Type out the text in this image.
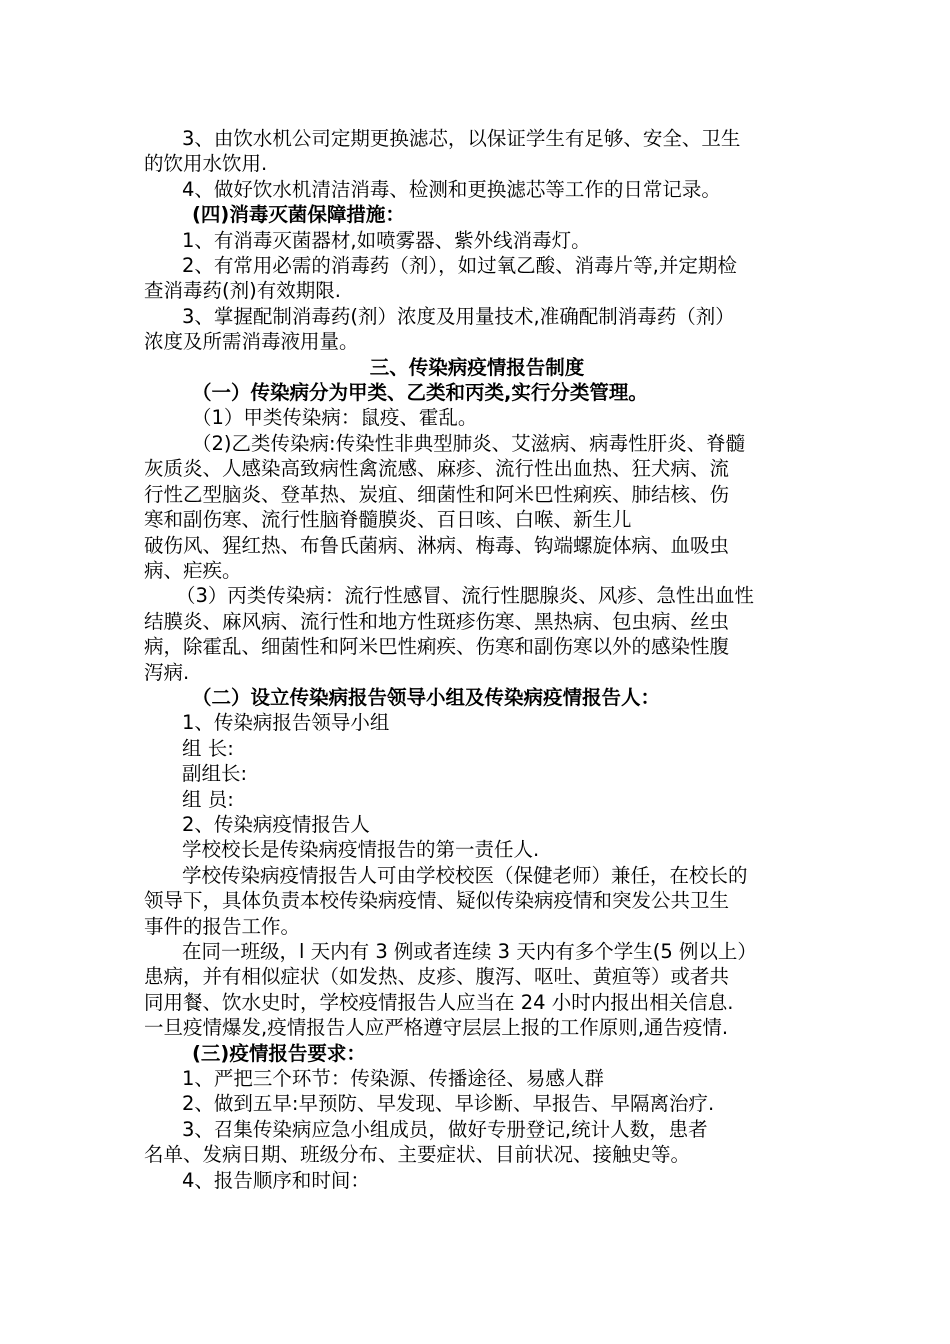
3、由饮水机公司定期更换滤芯，以保证学生有足够、安全、卫生

的饮用水饮用.

4、做好饮水机清洁消毒、检测和更换滤芯等工作的日常记录。

(四)消毒灭菌保障措施：

1、有消毒灭菌器材,如喷雾器、紫外线消毒灯。

2、有常用必需的消毒药（剂），如过氧乙酸、消毒片等,并定期检

查消毒药(剂)有效期限.

3、掌握配制消毒药(剂）浓度及用量技术,准确配制消毒药（剂）

浓度及所需消毒液用量。

三、传染病疫情报告制度

（一）传染病分为甲类、乙类和丙类,实行分类管理。

（1）甲类传染病：鼠疫、霍乱。

（2)乙类传染病:传染性非典型肺炎、艾滋病、病毒性肝炎、脊髓

灰质炎、人感染高致病性禽流感、麻疹、流行性出血热、狂犬病、流

行性乙型脑炎、登革热、炭疽、细菌性和阿米巴性痢疾、肺结核、伤

寒和副伤寒、流行性脑脊髓膜炎、百日咳、白喉、新生儿

破伤风、猩红热、布鲁氏菌病、淋病、梅毒、钩端螺旋体病、血吸虫

病、疟疾。

（3）丙类传染病：流行性感冒、流行性腮腺炎、风疹、急性出血性

结膜炎、麻风病、流行性和地方性斑疹伤寒、黑热病、包虫病、丝虫

病，除霍乱、细菌性和阿米巴性痢疾、伤寒和副伤寒以外的感染性腹

泻病.

（二）设立传染病报告领导小组及传染病疫情报告人：

1、传染病报告领导小组

组 长:

副组长:

组 员:

2、传染病疫情报告人

学校校长是传染病疫情报告的第一责任人.

学校传染病疫情报告人可由学校校医（保健老师）兼任，在校长的

领导下，具体负责本校传染病疫情、疑似传染病疫情和突发公共卫生

事件的报告工作。

在同一班级，l 天内有 3 例或者连续 3 天内有多个学生(5 例以上）

患病，并有相似症状（如发热、皮疹、腹泻、呕吐、黄疸等）或者共

同用餐、饮水史时，学校疫情报告人应当在 24 小时内报出相关信息.

一旦疫情爆发,疫情报告人应严格遵守层层上报的工作原则,通告疫情.

(三)疫情报告要求：

1、严把三个环节：传染源、传播途径、易感人群

2、做到五早:早预防、早发现、早诊断、早报告、早隔离治疗.

3、召集传染病应急小组成员，做好专册登记,统计人数，患者

名单、发病日期、班级分布、主要症状、目前状况、接触史等。

4、报告顺序和时间：
